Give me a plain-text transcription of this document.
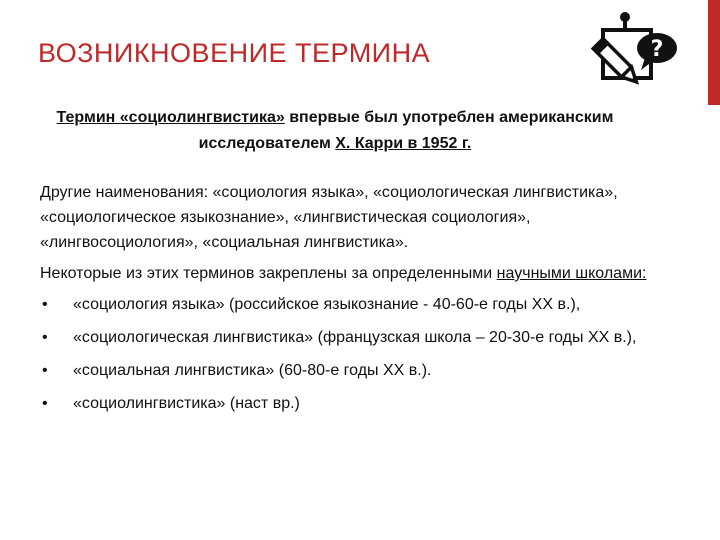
ВОЗНИКНОВЕНИЕ ТЕРМИНА	?
Термин «социолингвистика» впервые был употреблен американским исследователем Х. Карри в 1952 г.

Другие наименования: «социология языка», «социологическая лингвистика», «социологическое языкознание», «лингвистическая социология», «лингвосоциология», «социальная лингвистика».

Некоторые из этих терминов закреплены за определенными научными школами:

• «социология языка» (российское языкознание - 40-60-е годы XX в.),
• «социологическая лингвистика» (французская школа – 20-30-е годы XX в.),
• «социальная лингвистика» (60-80-е годы XX в.).
• «социолингвистика» (наст вр.)
